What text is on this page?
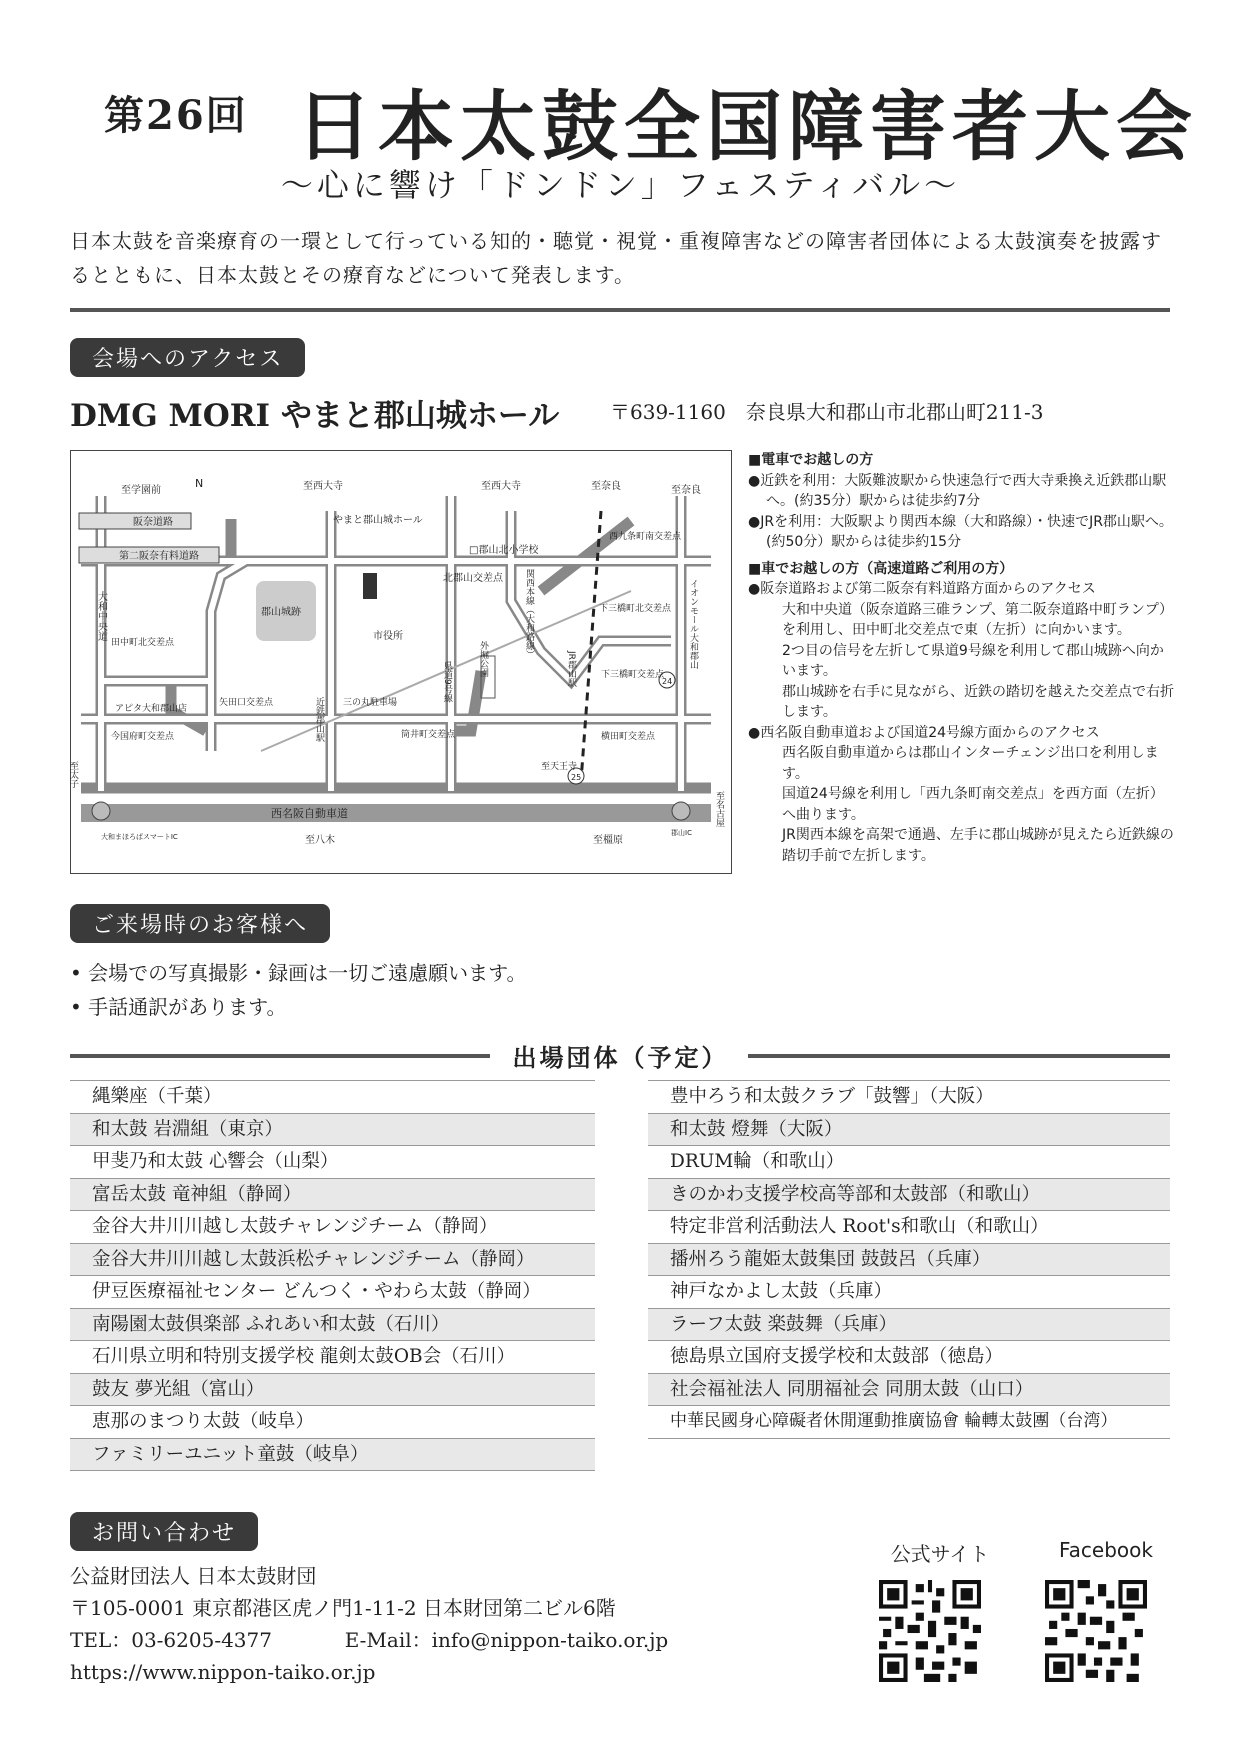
第26回 日本太鼓全国障害者大会
〜心に響け「ドンドン」フェスティバル〜
日本太鼓を音楽療育の一環として行っている知的・聴覚・視覚・重複障害などの障害者団体による太鼓演奏を披露するとともに、日本太鼓とその療育などについて発表します。
会場へのアクセス
DMG MORI やまと郡山城ホール	〒639-1160　奈良県大和郡山市北郡山町211-3
N
至学園前	至西大寺	至西大寺	至奈良
至奈良
阪奈道路
第二阪奈有料道路
大和中央道	郡山城跡
やまと郡山城ホール
市役所
□郡山北小学校
北郡山交差点
西九条町南交差点
イオンモール大和郡山
下三橋町北交差点
下三橋町交差点
関西本線（大和路線）
JR郡山駅
近鉄郡山駅
外堀公園
田中町北交差点
矢田口交差点
アピタ大和郡山店
三の丸駐車場
筒井町交差点
今国府町交差点	横田町交差点
西名阪自動車道
至天王寺
至太子
至八木	至橿原
至名古屋
24
25
大和まほろばスマートIC	郡山IC
県道9号線
■電車でお越しの方
●近鉄を利用：大阪難波駅から快速急行で西大寺乗換え近鉄郡山駅へ。(約35分）駅からは徒歩約7分
●JRを利用：大阪駅より関西本線（大和路線）・快速でJR郡山駅へ。(約50分）駅からは徒歩約15分
■車でお越しの方（高速道路ご利用の方）
●阪奈道路および第二阪奈有料道路方面からのアクセス
大和中央道（阪奈道路三碓ランプ、第二阪奈道路中町ランプ）を利用し、田中町北交差点で東（左折）に向かいます。
2つ目の信号を左折して県道9号線を利用して郡山城跡へ向かいます。
郡山城跡を右手に見ながら、近鉄の踏切を越えた交差点で右折します。
●西名阪自動車道および国道24号線方面からのアクセス
西名阪自動車道からは郡山インターチェンジ出口を利用します。
国道24号線を利用し「西九条町南交差点」を西方面（左折）へ曲ります。
JR関西本線を高架で通過、左手に郡山城跡が見えたら近鉄線の踏切手前で左折します。
ご来場時のお客様へ
• 会場での写真撮影・録画は一切ご遠慮願います。
• 手話通訳があります。
出場団体（予定）
縄樂座（千葉）
和太鼓 岩淵組（東京）
甲斐乃和太鼓 心響会（山梨）
富岳太鼓 竜神組（静岡）
金谷大井川川越し太鼓チャレンジチーム（静岡）
金谷大井川川越し太鼓浜松チャレンジチーム（静岡）
伊豆医療福祉センター どんつく・やわら太鼓（静岡）
南陽園太鼓倶楽部 ふれあい和太鼓（石川）
石川県立明和特別支援学校 龍剣太鼓OB会（石川）
鼓友 夢光組（富山）
恵那のまつり太鼓（岐阜）
ファミリーユニット童鼓（岐阜）
豊中ろう和太鼓クラブ「鼓響」（大阪）
和太鼓 燈舞（大阪）
DRUM輪（和歌山）
きのかわ支援学校高等部和太鼓部（和歌山）
特定非営利活動法人 Root's和歌山（和歌山）
播州ろう龍姫太鼓集団 鼓鼓呂（兵庫）
神戸なかよし太鼓（兵庫）
ラーフ太鼓 楽鼓舞（兵庫）
徳島県立国府支援学校和太鼓部（徳島）
社会福祉法人 同朋福祉会 同朋太鼓（山口）
中華民國身心障礙者休閒運動推廣協會 輪轉太鼓團（台湾）
お問い合わせ
公益財団法人 日本太鼓財団
〒105-0001 東京都港区虎ノ門1-11-2 日本財団第二ビル6階
TEL：03-6205-4377	E-Mail：info@nippon-taiko.or.jp
https://www.nippon-taiko.or.jp
公式サイト	Facebook
